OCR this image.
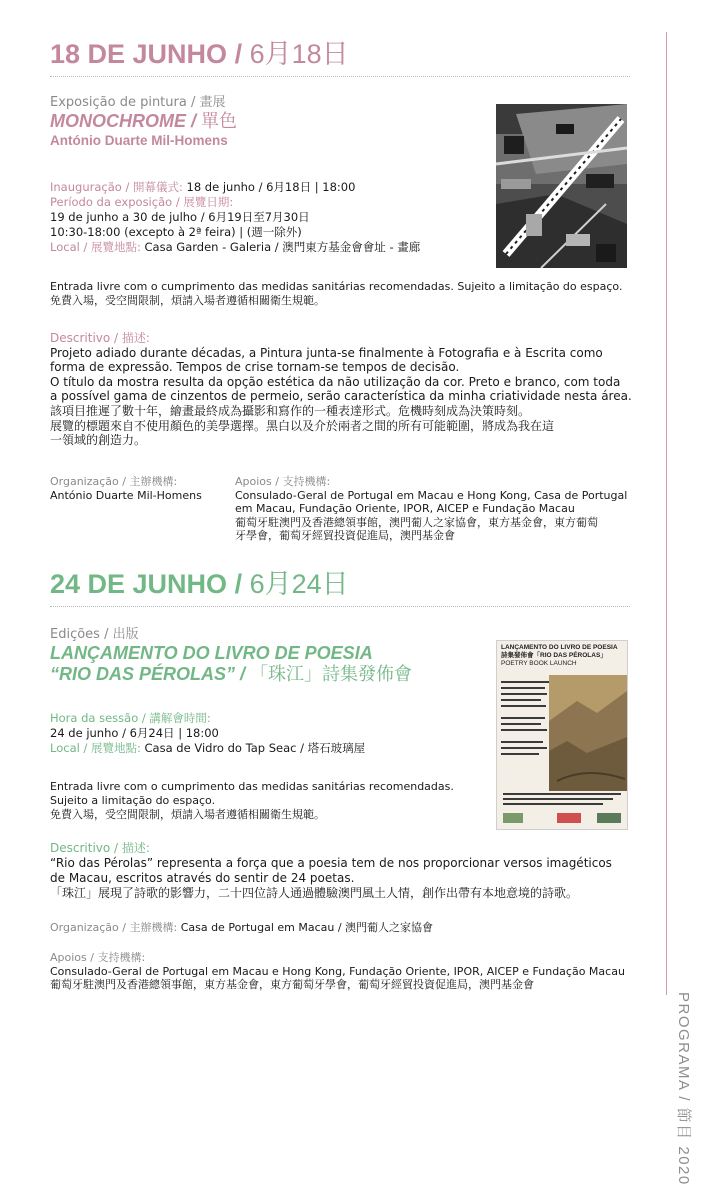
PROGRAMA / 節目 2020
18 DE JUNHO / 6月18日
Exposição de pintura / 畫展
MONOCHROME / 單色
António Duarte Mil-Homens
Inauguração / 開幕儀式: 18 de junho / 6月18日 | 18:00
Período da exposição / 展覽日期:
19 de junho a 30 de julho / 6月19日至7月30日
10:30-18:00 (excepto à 2ª feira) | (週一除外)
Local / 展覽地點: Casa Garden - Galeria / 澳門東方基金會會址 - 畫廊
Entrada livre com o cumprimento das medidas sanitárias recomendadas. Sujeito a limitação do espaço.
免費入場，受空間限制，煩請入場者遵循相關衛生規範。
Descritivo / 描述:
Projeto adiado durante décadas, a Pintura junta-se finalmente à Fotografia e à Escrita como
forma de expressão. Tempos de crise tornam-se tempos de decisão.
O título da mostra resulta da opção estética da não utilização da cor. Preto e branco, com toda
a possível gama de cinzentos de permeio, serão característica da minha criatividade nesta área.
該項目推遲了數十年，繪畫最終成為攝影和寫作的一種表達形式。危機時刻成為決策時刻。
展覽的標題來自不使用顏色的美學選擇。黑白以及介於兩者之間的所有可能範圍，將成為我在這
一領域的創造力。
Organização / 主辦機構:
António Duarte Mil-Homens
Apoios / 支持機構:
Consulado-Geral de Portugal em Macau e Hong Kong, Casa de Portugal
em Macau, Fundação Oriente, IPOR, AICEP e Fundação Macau
葡萄牙駐澳門及香港總領事館，澳門葡人之家協會，東方基金會，東方葡萄
牙學會，葡萄牙經貿投資促進局，澳門基金會
24 DE JUNHO / 6月24日
Edições / 出版
LANÇAMENTO DO LIVRO DE POESIA
“RIO DAS PÉROLAS” / 「珠江」詩集發佈會
LANÇAMENTO DO LIVRO DE POESIA
詩集發佈會「RIO DAS PÉROLAS」
POETRY BOOK LAUNCH
Hora da sessão / 講解會時間:
24 de junho / 6月24日 | 18:00
Local / 展覽地點: Casa de Vidro do Tap Seac / 塔石玻璃屋
Entrada livre com o cumprimento das medidas sanitárias recomendadas.
Sujeito a limitação do espaço.
免費入場，受空間限制，煩請入場者遵循相關衛生規範。
Descritivo / 描述:
“Rio das Pérolas” representa a força que a poesia tem de nos proporcionar versos imagéticos
de Macau, escritos através do sentir de 24 poetas.
「珠江」展現了詩歌的影響力，二十四位詩人通過體驗澳門風土人情，創作出帶有本地意境的詩歌。
Organização / 主辦機構: Casa de Portugal em Macau / 澳門葡人之家協會
Apoios / 支持機構:
Consulado-Geral de Portugal em Macau e Hong Kong, Fundação Oriente, IPOR, AICEP e Fundação Macau
葡萄牙駐澳門及香港總領事館，東方基金會，東方葡萄牙學會，葡萄牙經貿投資促進局，澳門基金會
